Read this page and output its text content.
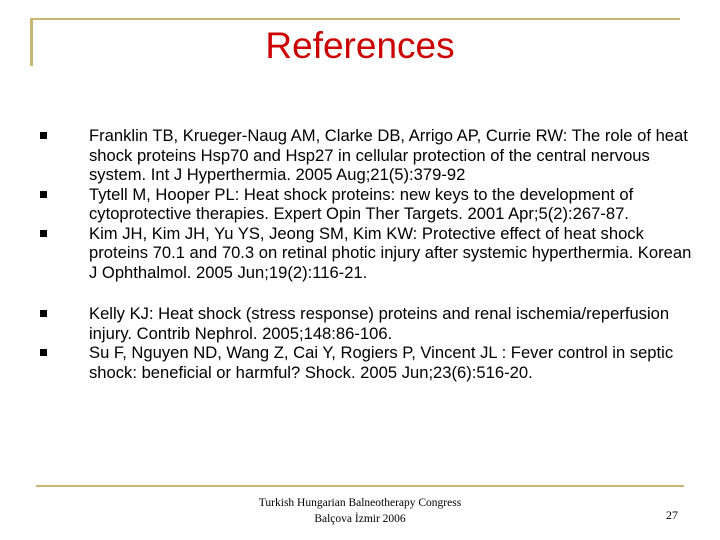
References
Franklin TB, Krueger-Naug AM, Clarke DB, Arrigo AP, Currie RW: The role of heat shock proteins Hsp70 and Hsp27 in cellular protection of the central nervous system. Int J Hyperthermia. 2005 Aug;21(5):379-92
Tytell M, Hooper PL: Heat shock proteins: new keys to the development of cytoprotective therapies. Expert Opin Ther Targets. 2001 Apr;5(2):267-87.
Kim JH, Kim JH, Yu YS, Jeong SM, Kim KW: Protective effect of heat shock proteins 70.1 and 70.3 on retinal photic injury after systemic hyperthermia. Korean J Ophthalmol. 2005 Jun;19(2):116-21.
Kelly KJ: Heat shock (stress response) proteins and renal ischemia/reperfusion injury. Contrib Nephrol. 2005;148:86-106.
Su F, Nguyen ND, Wang Z, Cai Y, Rogiers P, Vincent JL : Fever control in septic shock: beneficial or harmful? Shock. 2005 Jun;23(6):516-20.
Turkish Hungarian Balneotherapy Congress
Balçova İzmir 2006	27
